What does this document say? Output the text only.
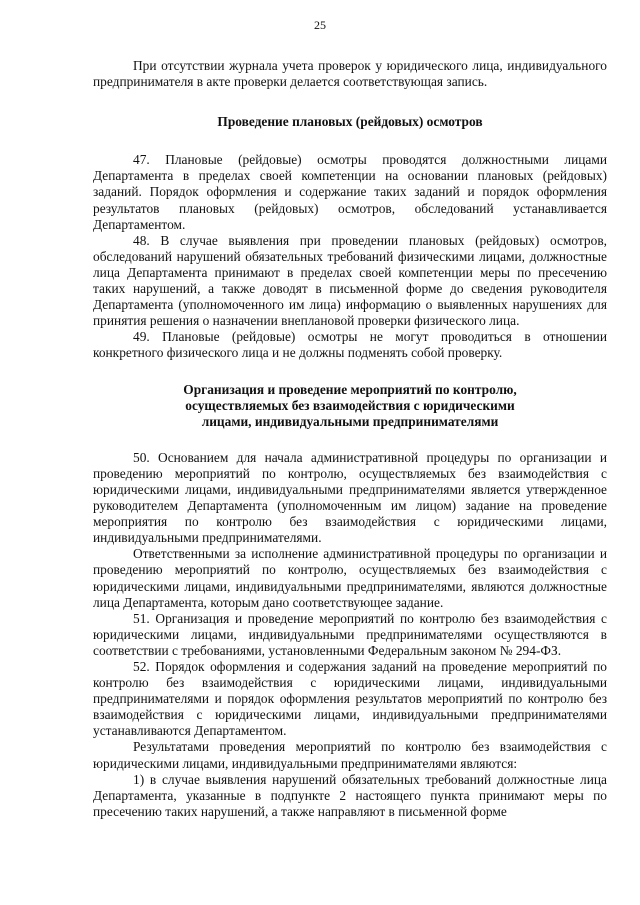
25

При отсутствии журнала учета проверок у юридического лица, индивидуального предпринимателя в акте проверки делается соответствующая запись.

Проведение плановых (рейдовых) осмотров

47. Плановые (рейдовые) осмотры проводятся должностными лицами Департамента в пределах своей компетенции на основании плановых (рейдовых) заданий. Порядок оформления и содержание таких заданий и порядок оформления результатов плановых (рейдовых) осмотров, обследований устанавливается Департаментом.

48. В случае выявления при проведении плановых (рейдовых) осмотров, обследований нарушений обязательных требований физическими лицами, должностные лица Департамента принимают в пределах своей компетенции меры по пресечению таких нарушений, а также доводят в письменной форме до сведения руководителя Департамента (уполномоченного им лица) информацию о выявленных нарушениях для принятия решения о назначении внеплановой проверки физического лица.

49. Плановые (рейдовые) осмотры не могут проводиться в отношении конкретного физического лица и не должны подменять собой проверку.

Организация и проведение мероприятий по контролю, осуществляемых без взаимодействия с юридическими лицами, индивидуальными предпринимателями

50. Основанием для начала административной процедуры по организации и проведению мероприятий по контролю, осуществляемых без взаимодействия с юридическими лицами, индивидуальными предпринимателями является утвержденное руководителем Департамента (уполномоченным им лицом) задание на проведение мероприятия по контролю без взаимодействия с юридическими лицами, индивидуальными предпринимателями.

Ответственными за исполнение административной процедуры по организации и проведению мероприятий по контролю, осуществляемых без взаимодействия с юридическими лицами, индивидуальными предпринимателями, являются должностные лица Департамента, которым дано соответствующее задание.

51. Организация и проведение мероприятий по контролю без взаимодействия с юридическими лицами, индивидуальными предпринимателями осуществляются в соответствии с требованиями, установленными Федеральным законом № 294-ФЗ.

52. Порядок оформления и содержания заданий на проведение мероприятий по контролю без взаимодействия с юридическими лицами, индивидуальными предпринимателями и порядок оформления результатов мероприятий по контролю без взаимодействия с юридическими лицами, индивидуальными предпринимателями устанавливаются Департаментом.

Результатами проведения мероприятий по контролю без взаимодействия с юридическими лицами, индивидуальными предпринимателями являются:

1) в случае выявления нарушений обязательных требований должностные лица Департамента, указанные в подпункте 2 настоящего пункта принимают меры по пресечению таких нарушений, а также направляют в письменной форме
